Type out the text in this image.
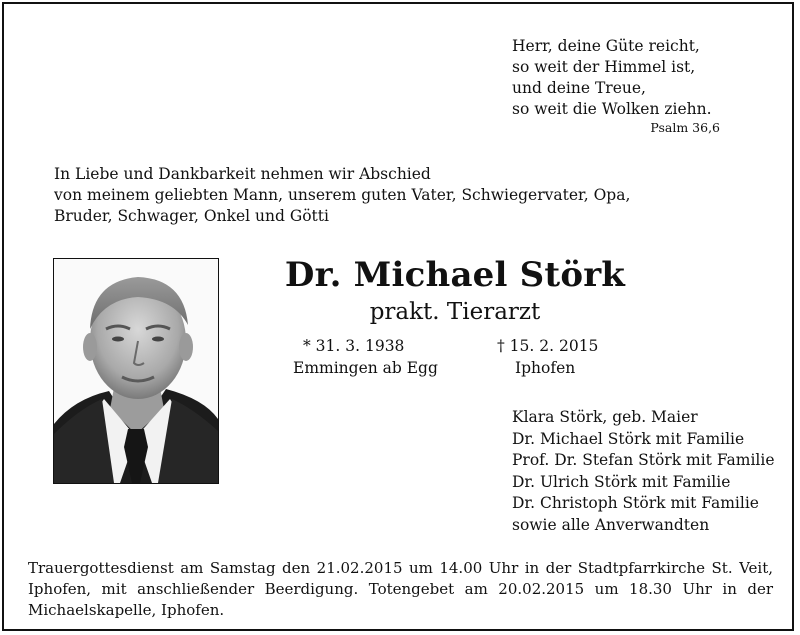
Herr, deine Güte reicht,
so weit der Himmel ist,
und deine Treue,
so weit die Wolken ziehn.
Psalm 36,6
In Liebe und Dankbarkeit nehmen wir Abschied
von meinem geliebten Mann, unserem guten Vater, Schwiegervater, Opa,
Bruder, Schwager, Onkel und Götti
Dr. Michael Störk
prakt. Tierarzt
* 31. 3. 1938
Emmingen ab Egg
† 15. 2. 2015
Iphofen
Klara Störk, geb. Maier
Dr. Michael Störk mit Familie
Prof. Dr. Stefan Störk mit Familie
Dr. Ulrich Störk mit Familie
Dr. Christoph Störk mit Familie
sowie alle Anverwandten
Trauergottesdienst am Samstag den 21.02.2015 um 14.00 Uhr in der Stadtpfarrkirche St. Veit, Iphofen, mit anschließender Beerdigung. Totengebet am 20.02.2015 um 18.30 Uhr in der Michaelskapelle, Iphofen.
